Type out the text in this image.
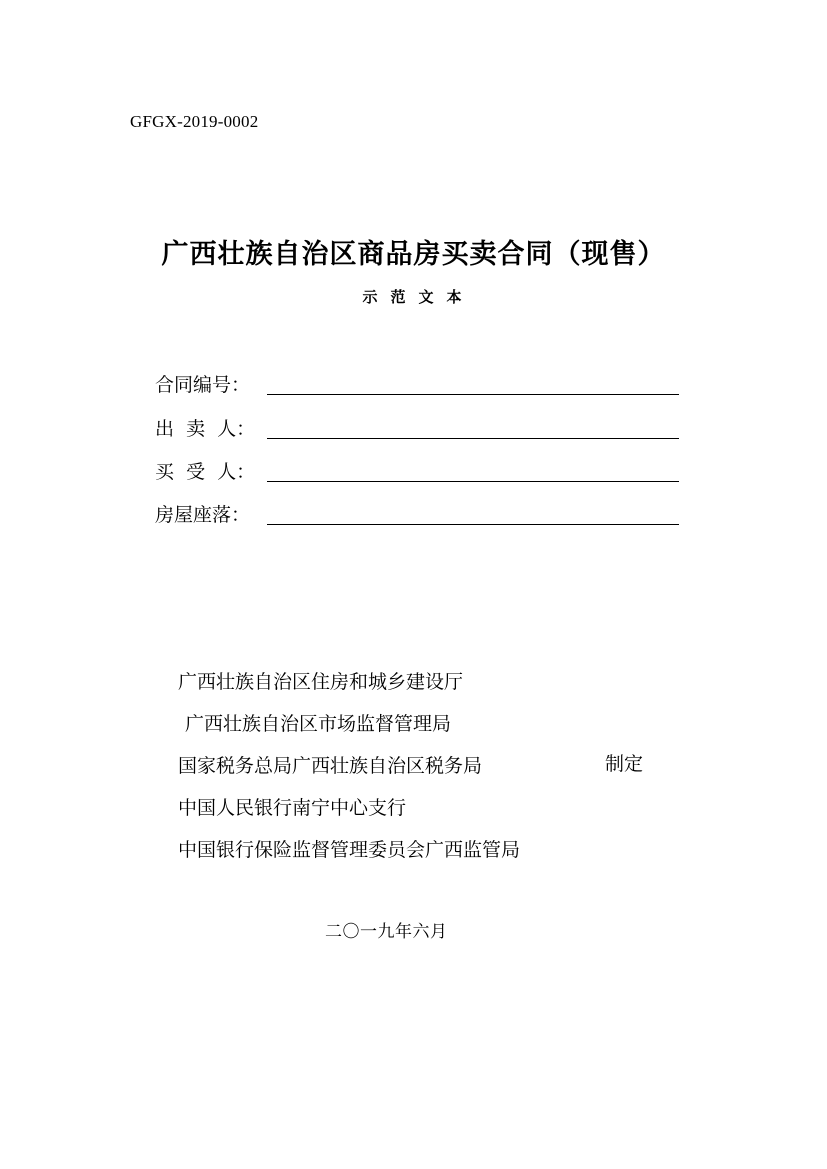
GFGX-2019-0002
广西壮族自治区商品房买卖合同（现售）
示范文本
合同编号：
出  卖  人：
买  受  人：
房屋座落：
广西壮族自治区住房和城乡建设厅
广西壮族自治区市场监督管理局
国家税务总局广西壮族自治区税务局
中国人民银行南宁中心支行
中国银行保险监督管理委员会广西监管局
制定
二〇一九年六月
